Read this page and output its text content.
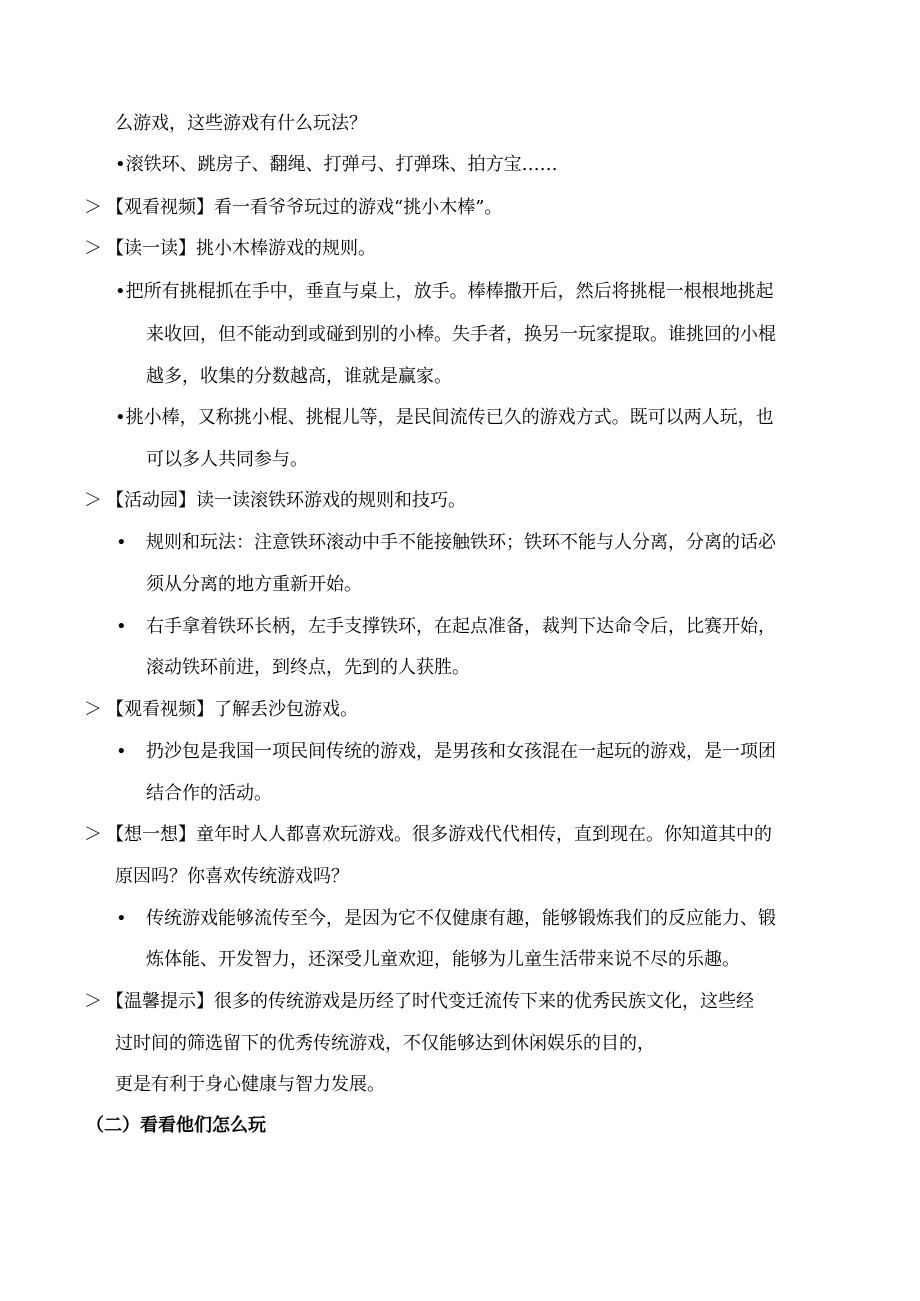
么游戏，这些游戏有什么玩法？
•滚铁环、跳房子、翻绳、打弹弓、打弹珠、拍方宝……
＞ 【观看视频】看一看爷爷玩过的游戏“挑小木棒”。
＞ 【读一读】挑小木棒游戏的规则。
•把所有挑棍抓在手中，垂直与桌上，放手。棒棒撒开后，然后将挑棍一根根地挑起
来收回，但不能动到或碰到别的小棒。失手者，换另一玩家提取。谁挑回的小棍
越多，收集的分数越高，谁就是赢家。
•挑小棒，又称挑小棍、挑棍儿等，是民间流传已久的游戏方式。既可以两人玩，也
可以多人共同参与。
＞ 【活动园】读一读滚铁环游戏的规则和技巧。
• 规则和玩法：注意铁环滚动中手不能接触铁环；铁环不能与人分离，分离的话必
须从分离的地方重新开始。
• 右手拿着铁环长柄，左手支撑铁环，在起点准备，裁判下达命令后，比赛开始，
滚动铁环前进，到终点，先到的人获胜。
＞ 【观看视频】了解丢沙包游戏。
• 扔沙包是我国一项民间传统的游戏，是男孩和女孩混在一起玩的游戏，是一项团
结合作的活动。
＞ 【想一想】童年时人人都喜欢玩游戏。很多游戏代代相传，直到现在。你知道其中的
原因吗？你喜欢传统游戏吗？
• 传统游戏能够流传至今，是因为它不仅健康有趣，能够锻炼我们的反应能力、锻
炼体能、开发智力，还深受儿童欢迎，能够为儿童生活带来说不尽的乐趣。
＞ 【温馨提示】很多的传统游戏是历经了时代变迁流传下来的优秀民族文化，这些经
过时间的筛选留下的优秀传统游戏，不仅能够达到休闲娱乐的目的，
更是有利于身心健康与智力发展。
（二）看看他们怎么玩
